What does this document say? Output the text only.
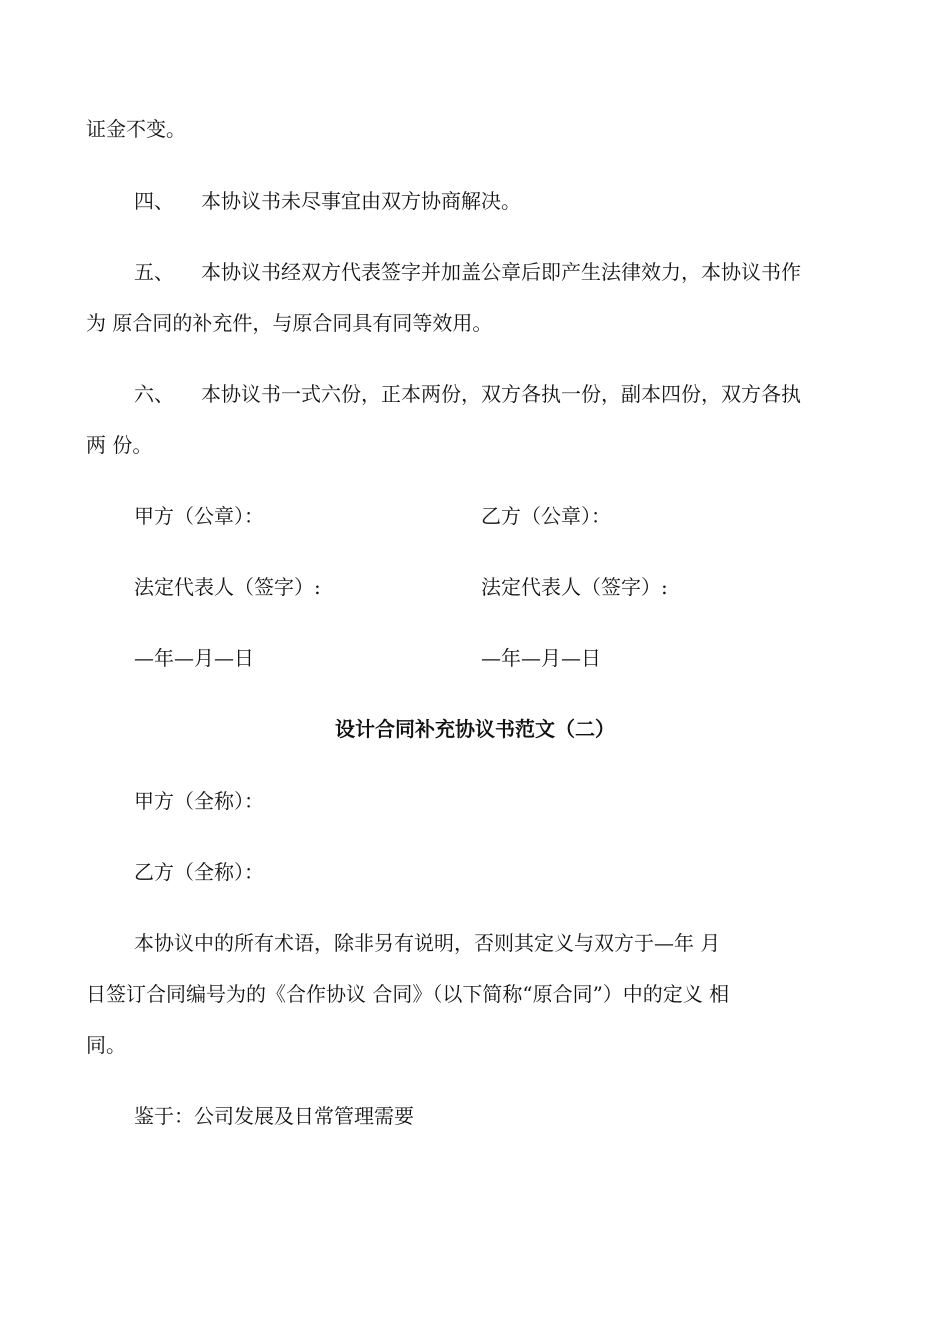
证金不变。
四、 本协议书未尽事宜由双方协商解决。
五、 本协议书经双方代表签字并加盖公章后即产生法律效力，本协议书作
为 原合同的补充件，与原合同具有同等效用。
六、 本协议书一式六份，正本两份，双方各执一份，副本四份，双方各执
两 份。
甲方（公章）：	乙方（公章）：
法定代表人（签字）:	法定代表人（签字）:
—年—月—日	—年—月—日
设计合同补充协议书范文（二）
甲方（全称）：
乙方（全称）：
本协议中的所有术语，除非另有说明，否则其定义与双方于—年 月
日签订合同编号为的《合作协议 合同》（以下简称“原合同”）中的定义 相
同。
鉴于：公司发展及日常管理需要
